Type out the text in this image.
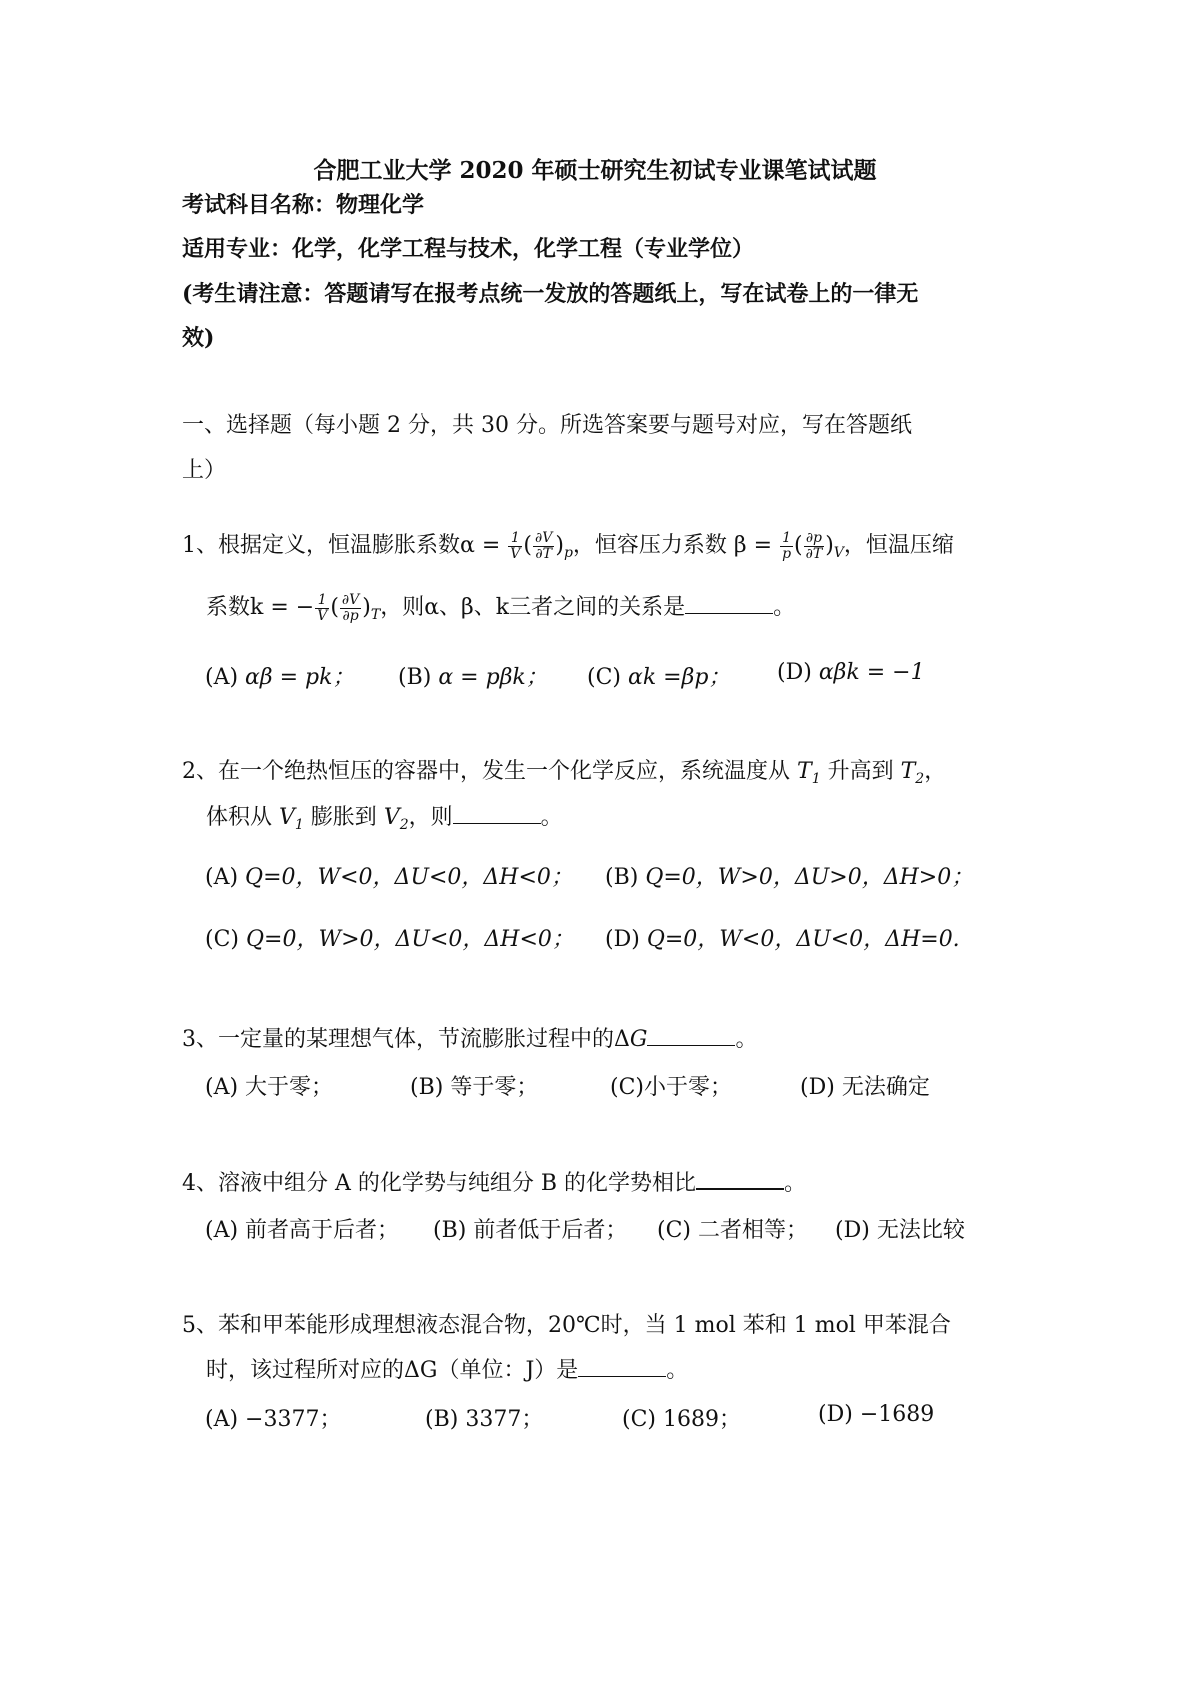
合肥工业大学 2020 年硕士研究生初试专业课笔试试题
考试科目名称：物理化学
适用专业：化学，化学工程与技术，化学工程（专业学位）
(考生请注意：答题请写在报考点统一发放的答题纸上，写在试卷上的一律无
效)
一、选择题（每小题 2 分，共 30 分。所选答案要与题号对应，写在答题纸
上）
1、根据定义，恒温膨胀系数$\alpha = \frac{1}{V}$ ( $\frac{\partial V}{\partial T} )_p$，恒容压力系数 $\beta = \frac{1}{p}$ ( $\frac{\partial p}{\partial T} )_V$，恒温压缩
系数k = − $\frac{1}{V}$ ( $\frac{\partial V}{\partial p} )_T$，则α、β、k三者之间的关系是	。
(A) αβ = pk； (B) α = pβk； (C) αk =βp； (D) αβk = −1
2、在一个绝热恒压的容器中，发生一个化学反应，系统温度从 $T_1$ 升高到 $T_2$，
体积从 $V_1$ 膨胀到 $V_2$，则	。
(A) Q=0，W<0，ΔU<0，ΔH<0； (B) Q=0，W>0，ΔU>0，ΔH>0；
(C) Q=0，W>0，ΔU<0，ΔH<0； (D) Q=0，W<0，ΔU<0，ΔH=0.
3、一定量的某理想气体，节流膨胀过程中的ΔG	。
(A) 大于零；	(B) 等于零；	(C)小于零；	(D) 无法确定
4、溶液中组分 A 的化学势与纯组分 B 的化学势相比	。
(A) 前者高于后者； (B) 前者低于后者； (C) 二者相等； (D) 无法比较
5、苯和甲苯能形成理想液态混合物，20℃时，当 1 mol 苯和 1 mol 甲苯混合
时，该过程所对应的ΔG（单位：J）是	。
(A) −3377；	(B) 3377；	(C) 1689；	(D) −1689
